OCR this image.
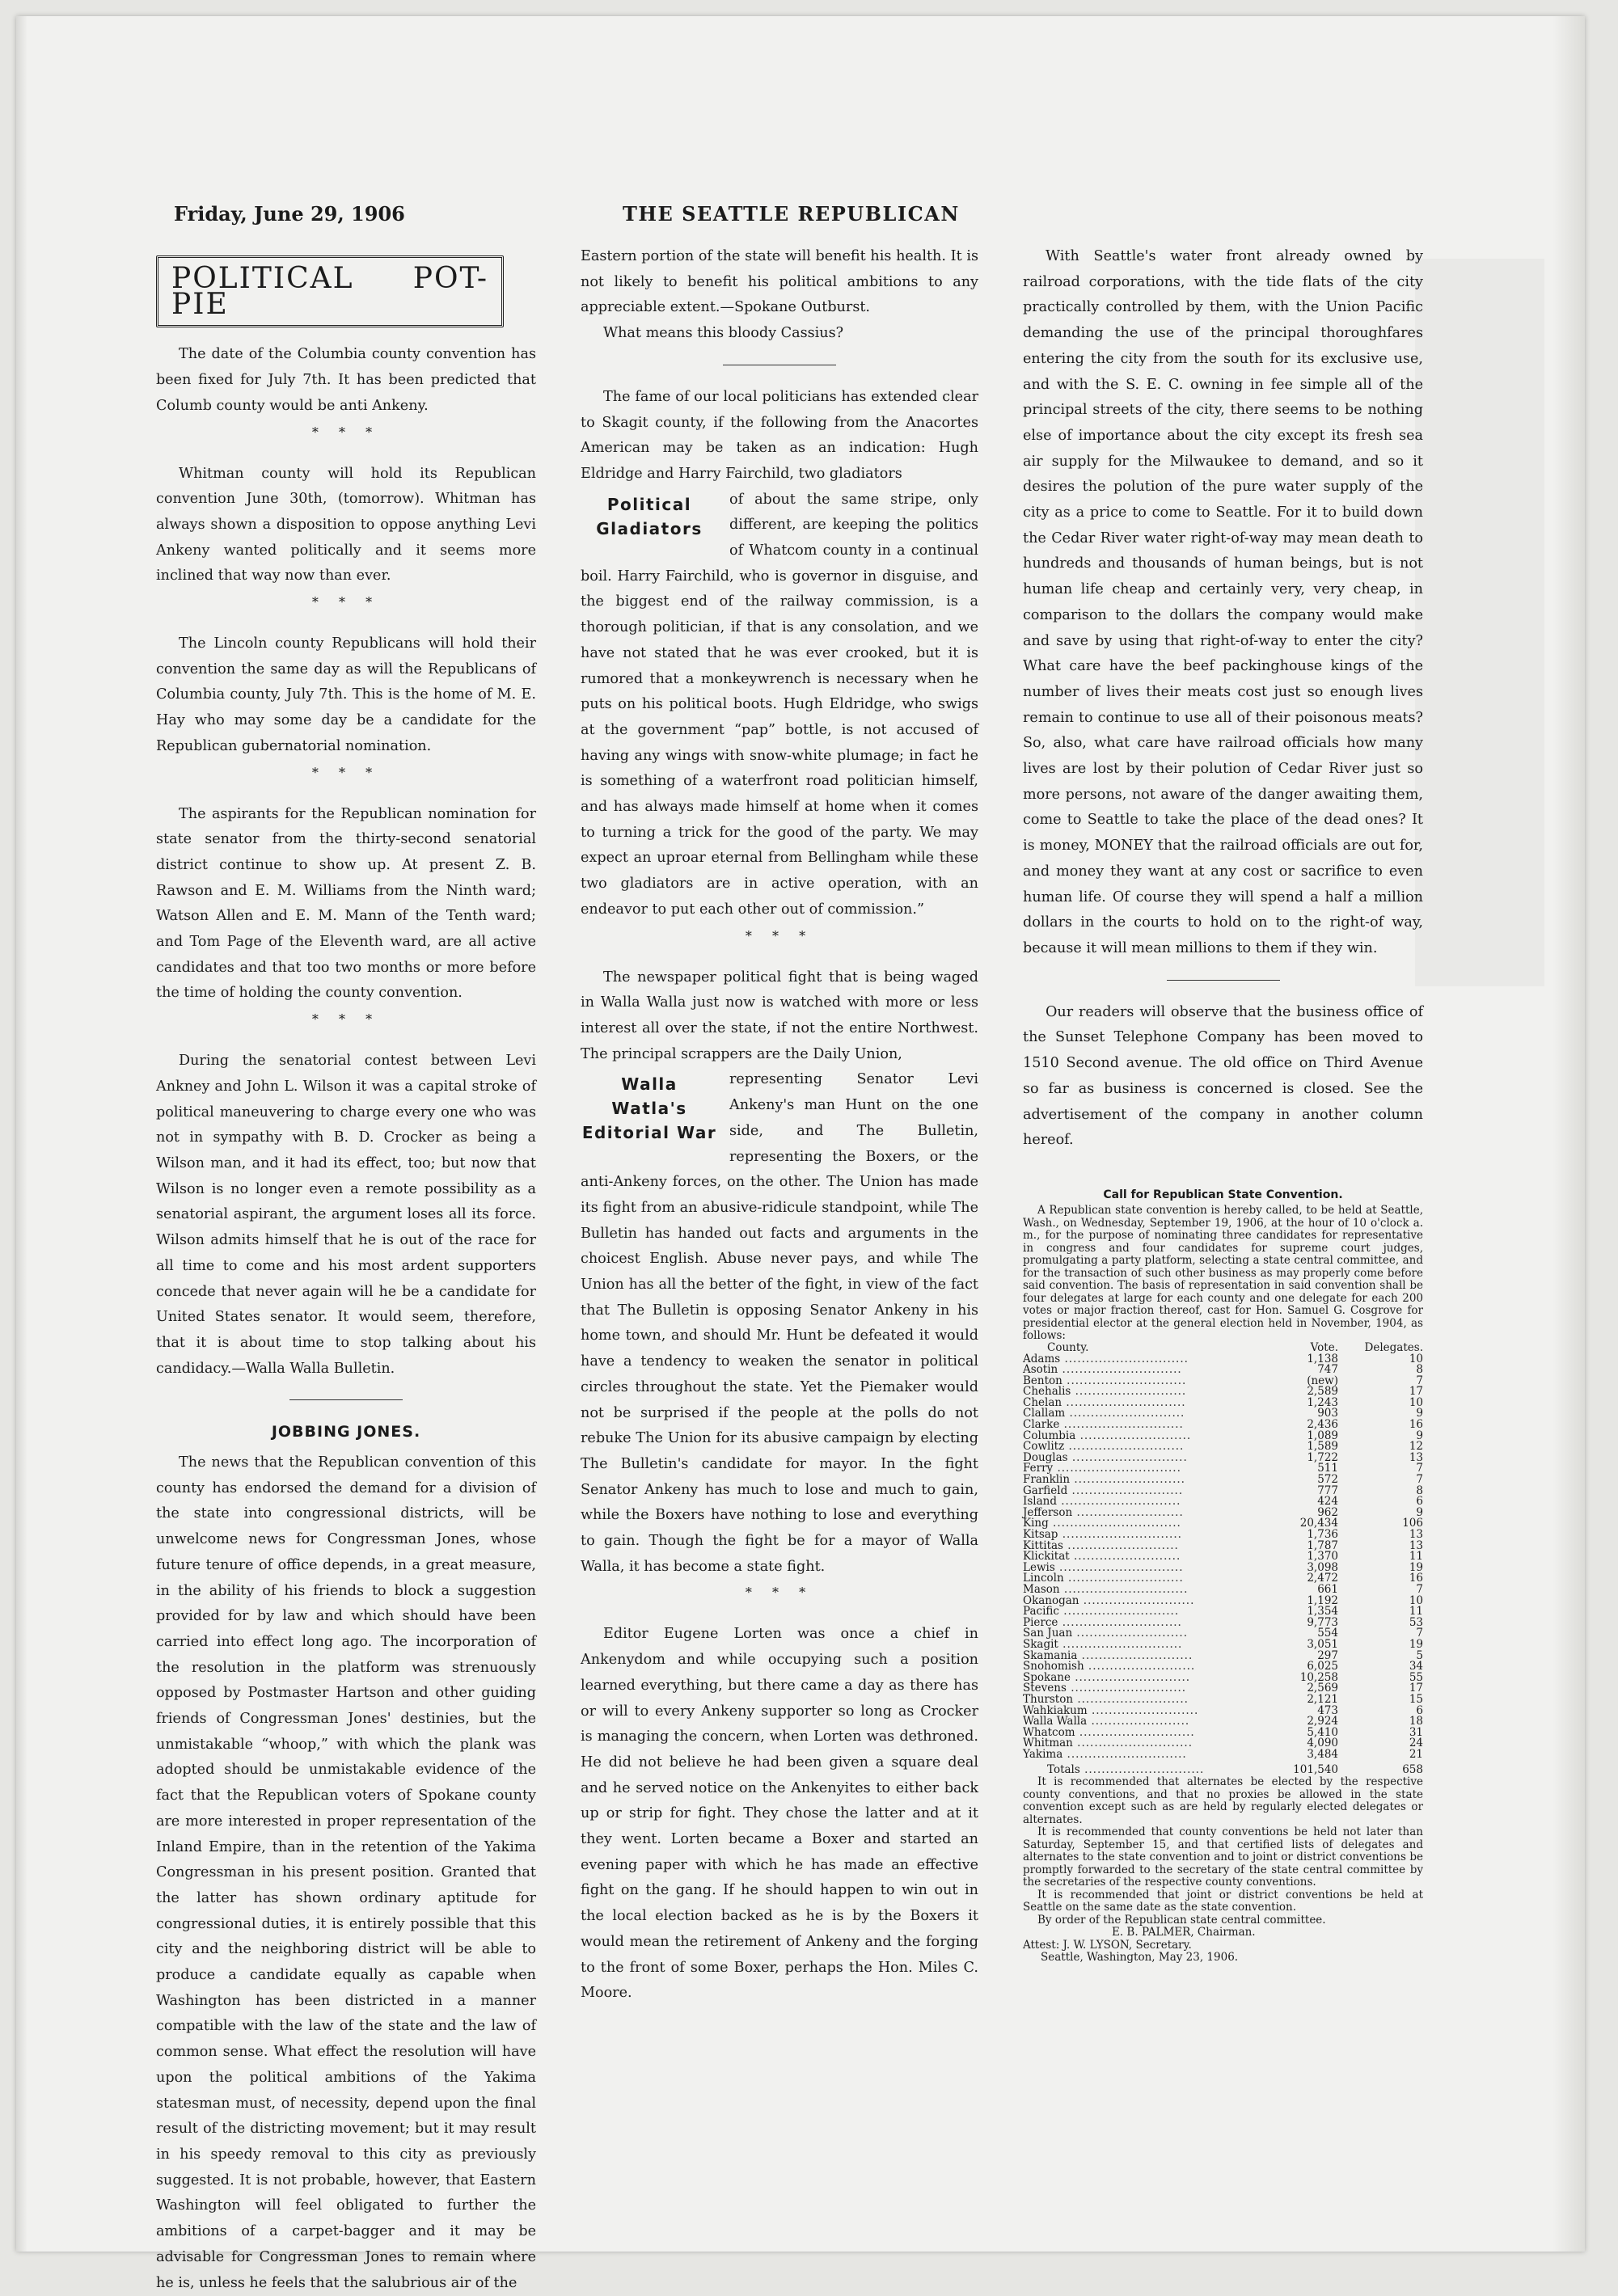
Friday, June 29, 1906	THE SEATTLE REPUBLICAN
POLITICAL POT-PIE

The date of the Columbia county convention has been fixed for July 7th. It has been predicted that Columb county would be anti Ankeny.

* * *

Whitman county will hold its Republican convention June 30th, (tomorrow). Whitman has always shown a disposition to oppose anything Levi Ankeny wanted politically and it seems more inclined that way now than ever.

* * *

The Lincoln county Republicans will hold their convention the same day as will the Republicans of Columbia county, July 7th. This is the home of M. E. Hay who may some day be a candidate for the Republican gubernatorial nomination.

* * *

The aspirants for the Republican nomination for state senator from the thirty-second senatorial district continue to show up. At present Z. B. Rawson and E. M. Williams from the Ninth ward; Watson Allen and E. M. Mann of the Tenth ward; and Tom Page of the Eleventh ward, are all active candidates and that too two months or more before the time of holding the county convention.

* * *

During the senatorial contest between Levi Ankney and John L. Wilson it was a capital stroke of political maneuvering to charge every one who was not in sympathy with B. D. Crocker as being a Wilson man, and it had its effect, too; but now that Wilson is no longer even a remote possibility as a senatorial aspirant, the argument loses all its force. Wilson admits himself that he is out of the race for all time to come and his most ardent supporters concede that never again will he be a candidate for United States senator. It would seem, therefore, that it is about time to stop talking about his candidacy.—Walla Walla Bulletin.

JOBBING JONES.

The news that the Republican convention of this county has endorsed the demand for a division of the state into congressional districts, will be unwelcome news for Congressman Jones, whose future tenure of office depends, in a great measure, in the ability of his friends to block a suggestion provided for by law and which should have been carried into effect long ago. The incorporation of the resolution in the platform was strenuously opposed by Postmaster Hartson and other guiding friends of Congressman Jones' destinies, but the unmistakable “whoop,” with which the plank was adopted should be unmistakable evidence of the fact that the Republican voters of Spokane county are more interested in proper representation of the Inland Empire, than in the retention of the Yakima Congressman in his present position. Granted that the latter has shown ordinary aptitude for congressional duties, it is entirely possible that this city and the neighboring district will be able to produce a candidate equally as capable when Washington has been districted in a manner compatible with the law of the state and the law of common sense. What effect the resolution will have upon the political ambitions of the Yakima statesman must, of necessity, depend upon the final result of the districting movement; but it may result in his speedy removal to this city as previously suggested. It is not probable, however, that Eastern Washington will feel obligated to further the ambitions of a carpet-bagger and it may be advisable for Congressman Jones to remain where he is, unless he feels that the salubrious air of the

Eastern portion of the state will benefit his health. It is not likely to benefit his political ambitions to any appreciable extent.—Spokane Outburst.

What means this bloody Cassius?

The fame of our local politicians has extended clear to Skagit county, if the following from the Anacortes American may be taken as an indication: Hugh Eldridge and Harry Fairchild, two gladiators

Political
Gladiators

of about the same stripe, only different, are keeping the politics of Whatcom county in a continual boil. Harry Fairchild, who is governor in disguise, and the biggest end of the railway commission, is a thorough politician, if that is any consolation, and we have not stated that he was ever crooked, but it is rumored that a monkeywrench is necessary when he puts on his political boots. Hugh Eldridge, who swigs at the government “pap” bottle, is not accused of having any wings with snow-white plumage; in fact he is something of a waterfront road politician himself, and has always made himself at home when it comes to turning a trick for the good of the party. We may expect an uproar eternal from Bellingham while these two gladiators are in active operation, with an endeavor to put each other out of commission.”

* * *

The newspaper political fight that is being waged in Walla Walla just now is watched with more or less interest all over the state, if not the entire Northwest. The principal scrappers are the Daily Union,

Walla Watla's
Editorial War

representing Senator Levi Ankeny's man Hunt on the one side, and The Bulletin, representing the Boxers, or the anti-Ankeny forces, on the other. The Union has made its fight from an abusive-ridicule standpoint, while The Bulletin has handed out facts and arguments in the choicest English. Abuse never pays, and while The Union has all the better of the fight, in view of the fact that The Bulletin is opposing Senator Ankeny in his home town, and should Mr. Hunt be defeated it would have a tendency to weaken the senator in political circles throughout the state. Yet the Piemaker would not be surprised if the people at the polls do not rebuke The Union for its abusive campaign by electing The Bulletin's candidate for mayor. In the fight Senator Ankeny has much to lose and much to gain, while the Boxers have nothing to lose and everything to gain. Though the fight be for a mayor of Walla Walla, it has become a state fight.

* * *

Editor Eugene Lorten was once a chief in Ankenydom and while occupying such a position learned everything, but there came a day as there has or will to every Ankeny supporter so long as Crocker is managing the concern, when Lorten was dethroned. He did not believe he had been given a square deal and he served notice on the Ankenyites to either back up or strip for fight. They chose the latter and at it they went. Lorten became a Boxer and started an evening paper with which he has made an effective fight on the gang. If he should happen to win out in the local election backed as he is by the Boxers it would mean the retirement of Ankeny and the forging to the front of some Boxer, perhaps the Hon. Miles C. Moore.

With Seattle's water front already owned by railroad corporations, with the tide flats of the city practically controlled by them, with the Union Pacific demanding the use of the principal thoroughfares entering the city from the south for its exclusive use, and with the S. E. C. owning in fee simple all of the principal streets of the city, there seems to be nothing else of importance about the city except its fresh sea air supply for the Milwaukee to demand, and so it desires the polution of the pure water supply of the city as a price to come to Seattle. For it to build down the Cedar River water right-of-way may mean death to hundreds and thousands of human beings, but is not human life cheap and certainly very, very cheap, in comparison to the dollars the company would make and save by using that right-of-way to enter the city? What care have the beef packinghouse kings of the number of lives their meats cost just so enough lives remain to continue to use all of their poisonous meats? So, also, what care have railroad officials how many lives are lost by their polution of Cedar River just so more persons, not aware of the danger awaiting them, come to Seattle to take the place of the dead ones? It is money, MONEY that the railroad officials are out for, and money they want at any cost or sacrifice to even human life. Of course they will spend a half a million dollars in the courts to hold on to the right-of way, because it will mean millions to them if they win.

Our readers will observe that the business office of the Sunset Telephone Company has been moved to 1510 Second avenue. The old office on Third Avenue so far as business is concerned is closed. See the advertisement of the company in another column hereof.

Call for Republican State Convention.

A Republican state convention is hereby called, to be held at Seattle, Wash., on Wednesday, September 19, 1906, at the hour of 10 o'clock a. m., for the purpose of nominating three candidates for representative in congress and four candidates for supreme court judges, promulgating a party platform, selecting a state central committee, and for the transaction of such other business as may properly come before said convention. The basis of representation in said convention shall be four delegates at large for each county and one delegate for each 200 votes or major fraction thereof, cast for Hon. Samuel G. Cosgrove for presidential elector at the general election held in November, 1904, as follows:

County.	Vote.	Delegates.
Adams .............................	1,138	10
Asotin ............................	747	8
Benton ............................	(new)	7
Chehalis ..........................	2,589	17
Chelan ............................	1,243	10
Clallam ...........................	903	9
Clarke ............................	2,436	16
Columbia ..........................	1,089	9
Cowlitz ...........................	1,589	12
Douglas ...........................	1,722	13
Ferry .............................	511	7
Franklin ..........................	572	7
Garfield ..........................	777	8
Island ............................	424	6
Jefferson .........................	962	9
King ..............................	20,434	106
Kitsap ............................	1,736	13
Kittitas ..........................	1,787	13
Klickitat .........................	1,370	11
Lewis .............................	3,098	19
Lincoln ...........................	2,472	16
Mason .............................	661	7
Okanogan ..........................	1,192	10
Pacific ...........................	1,354	11
Pierce ............................	9,773	53
San Juan ..........................	554	7
Skagit ............................	3,051	19
Skamania ..........................	297	5
Snohomish .........................	6,025	34
Spokane ...........................	10,258	55
Stevens ...........................	2,569	17
Thurston ..........................	2,121	15
Wahkiakum .........................	473	6
Walla Walla .......................	2,924	18
Whatcom ...........................	5,410	31
Whitman ...........................	4,090	24
Yakima ............................	3,484	21
Totals ............................	101,540	658

It is recommended that alternates be elected by the respective county conventions, and that no proxies be allowed in the state convention except such as are held by regularly elected delegates or alternates.

It is recommended that county conventions be held not later than Saturday, September 15, and that certified lists of delegates and alternates to the state convention and to joint or district conventions be promptly forwarded to the secretary of the state central committee by the secretaries of the respective county conventions.

It is recommended that joint or district conventions be held at Seattle on the same date as the state convention.

By order of the Republican state central committee.

E. B. PALMER, Chairman.
Attest: J. W. LYSON, Secretary.
Seattle, Washington, May 23, 1906.
